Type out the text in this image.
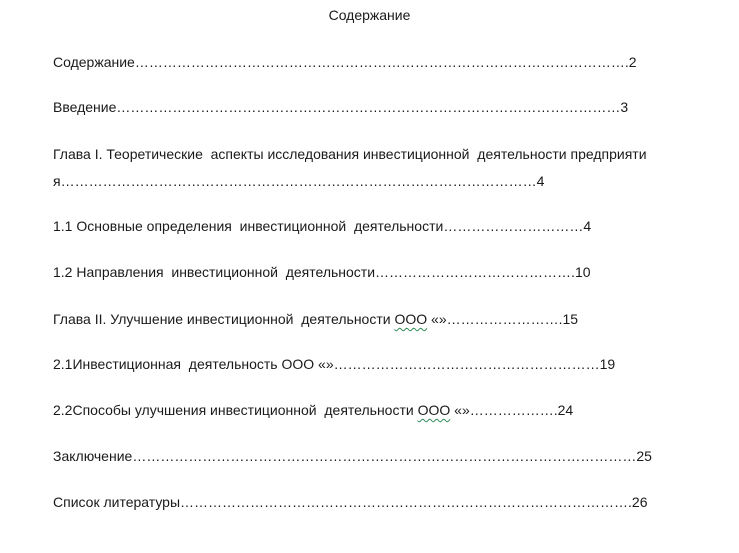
Содержание
Содержание…………………………………………………………………………………………….2
Введение………………………………………………………………………………………………3
Глава I. Теоретические  аспекты исследования инвестиционной  деятельности предприяти
я…………………………………………………………………………………………4
1.1 Основные определения  инвестиционной  деятельности…………………………4
1.2 Направления  инвестиционной  деятельности…………………………………….10
Глава II. Улучшение инвестиционной  деятельности ООО «»…………………….15
2.1Инвестиционная  деятельность ООО «»…………………………………………………19
2.2Способы улучшения инвестиционной  деятельности ООО «»……………….24
Заключение………………………………………………………………………………………………25
Список литературы…………………………………………………………………………………….26
